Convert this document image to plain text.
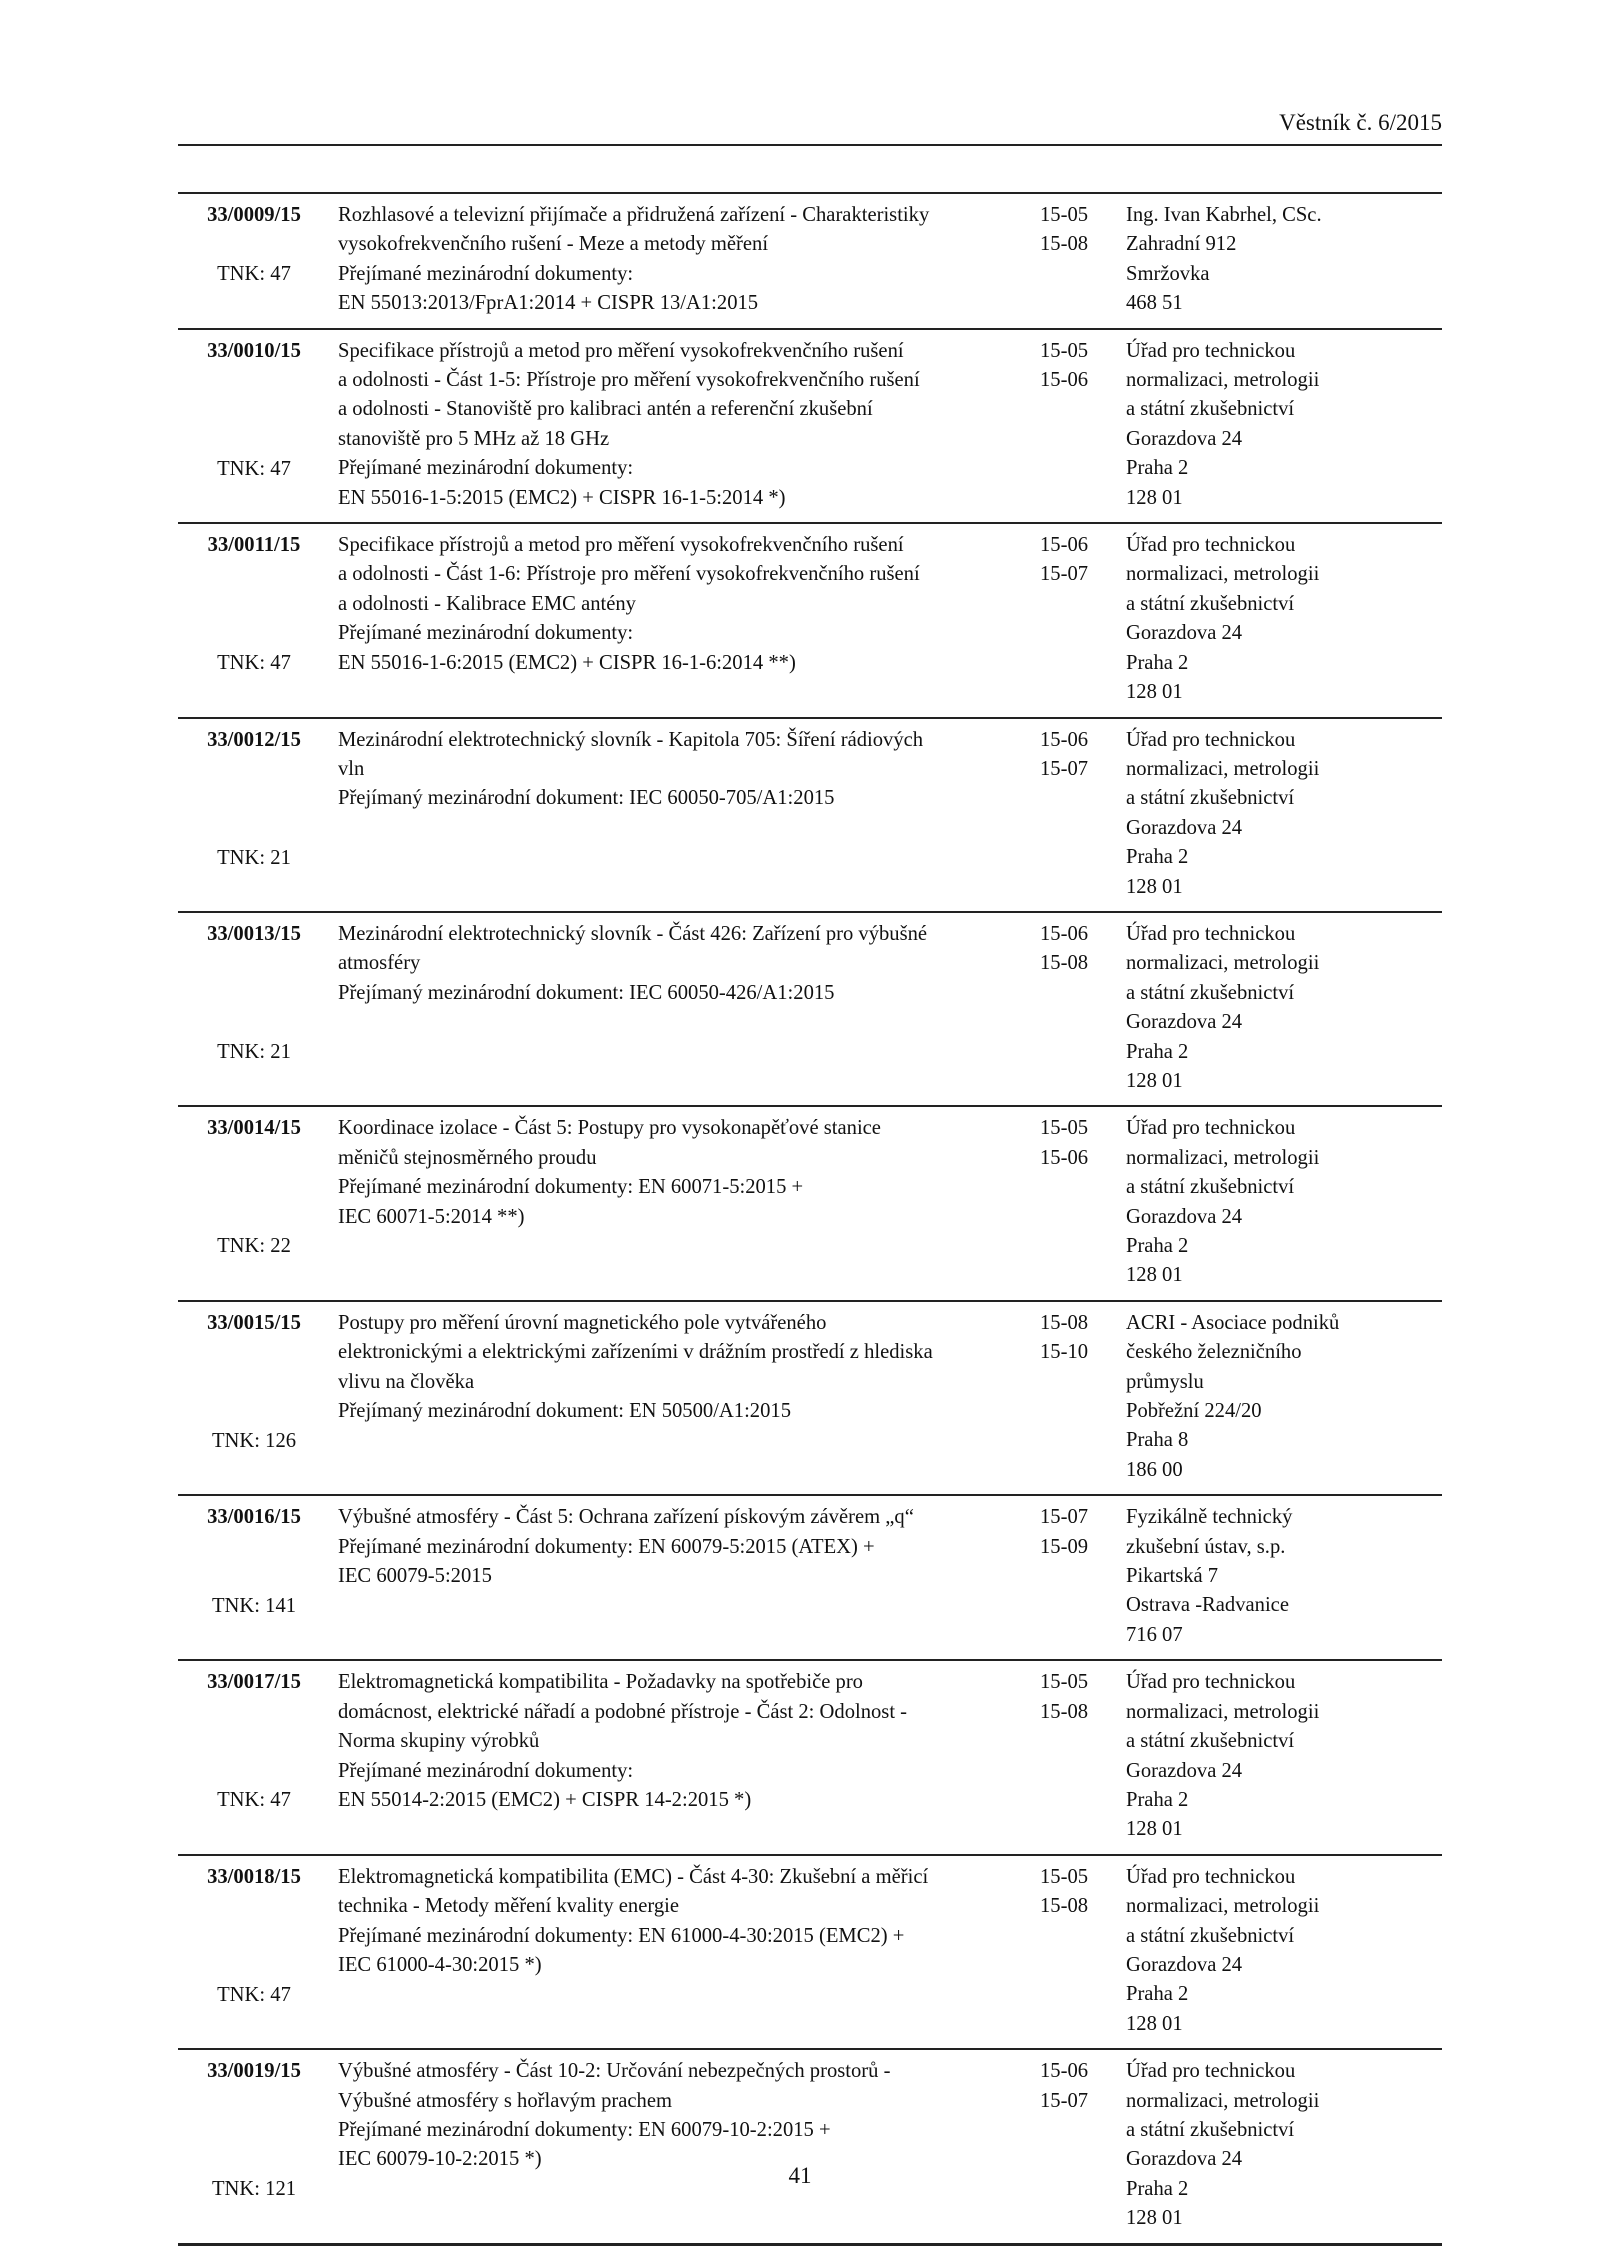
Věstník č. 6/2015
33/0009/15
TNK: 47
Rozhlasové a televizní přijímače a přidružená zařízení - Charakteristiky
vysokofrekvenčního rušení - Meze a metody měření
Přejímané mezinárodní dokumenty:
EN 55013:2013/FprA1:2014 + CISPR 13/A1:2015
15-05
15-08
Ing. Ivan Kabrhel, CSc.
Zahradní 912
Smržovka
468 51
33/0010/15
TNK: 47
Specifikace přístrojů a metod pro měření vysokofrekvenčního rušení
a odolnosti - Část 1-5: Přístroje pro měření vysokofrekvenčního rušení
a odolnosti - Stanoviště pro kalibraci antén a referenční zkušební
stanoviště pro 5 MHz až 18 GHz
Přejímané mezinárodní dokumenty:
EN 55016-1-5:2015 (EMC2) + CISPR 16-1-5:2014 *)
15-05
15-06
Úřad pro technickou
normalizaci, metrologii
a státní zkušebnictví
Gorazdova 24
Praha 2
128 01
33/0011/15
TNK: 47
Specifikace přístrojů a metod pro měření vysokofrekvenčního rušení
a odolnosti - Část 1-6: Přístroje pro měření vysokofrekvenčního rušení
a odolnosti - Kalibrace EMC antény
Přejímané mezinárodní dokumenty:
EN 55016-1-6:2015 (EMC2) + CISPR 16-1-6:2014 **)
15-06
15-07
Úřad pro technickou
normalizaci, metrologii
a státní zkušebnictví
Gorazdova 24
Praha 2
128 01
33/0012/15
TNK: 21
Mezinárodní elektrotechnický slovník - Kapitola 705: Šíření rádiových
vln
Přejímaný mezinárodní dokument: IEC 60050-705/A1:2015
15-06
15-07
Úřad pro technickou
normalizaci, metrologii
a státní zkušebnictví
Gorazdova 24
Praha 2
128 01
33/0013/15
TNK: 21
Mezinárodní elektrotechnický slovník - Část 426: Zařízení pro výbušné
atmosféry
Přejímaný mezinárodní dokument: IEC 60050-426/A1:2015
15-06
15-08
Úřad pro technickou
normalizaci, metrologii
a státní zkušebnictví
Gorazdova 24
Praha 2
128 01
33/0014/15
TNK: 22
Koordinace izolace - Část 5: Postupy pro vysokonapěťové stanice
měničů stejnosměrného proudu
Přejímané mezinárodní dokumenty: EN 60071-5:2015 +
IEC 60071-5:2014 **)
15-05
15-06
Úřad pro technickou
normalizaci, metrologii
a státní zkušebnictví
Gorazdova 24
Praha 2
128 01
33/0015/15
TNK: 126
Postupy pro měření úrovní magnetického pole vytvářeného
elektronickými a elektrickými zařízeními v drážním prostředí z hlediska
vlivu na člověka
Přejímaný mezinárodní dokument: EN 50500/A1:2015
15-08
15-10
ACRI - Asociace podniků
českého železničního
průmyslu
Pobřežní 224/20
Praha 8
186 00
33/0016/15
TNK: 141
Výbušné atmosféry - Část 5: Ochrana zařízení pískovým závěrem „q“
Přejímané mezinárodní dokumenty: EN 60079-5:2015 (ATEX) +
IEC 60079-5:2015
15-07
15-09
Fyzikálně technický
zkušební ústav, s.p.
Pikartská 7
Ostrava -Radvanice
716 07
33/0017/15
TNK: 47
Elektromagnetická kompatibilita - Požadavky na spotřebiče pro
domácnost, elektrické nářadí a podobné přístroje - Část 2: Odolnost -
Norma skupiny výrobků
Přejímané mezinárodní dokumenty:
EN 55014-2:2015 (EMC2) + CISPR 14-2:2015 *)
15-05
15-08
Úřad pro technickou
normalizaci, metrologii
a státní zkušebnictví
Gorazdova 24
Praha 2
128 01
33/0018/15
TNK: 47
Elektromagnetická kompatibilita (EMC) - Část 4-30: Zkušební a měřicí
technika - Metody měření kvality energie
Přejímané mezinárodní dokumenty: EN 61000-4-30:2015 (EMC2) +
IEC 61000-4-30:2015 *)
15-05
15-08
Úřad pro technickou
normalizaci, metrologii
a státní zkušebnictví
Gorazdova 24
Praha 2
128 01
33/0019/15
TNK: 121
Výbušné atmosféry - Část 10-2: Určování nebezpečných prostorů -
Výbušné atmosféry s hořlavým prachem
Přejímané mezinárodní dokumenty: EN 60079-10-2:2015 +
IEC 60079-10-2:2015 *)
15-06
15-07
Úřad pro technickou
normalizaci, metrologii
a státní zkušebnictví
Gorazdova 24
Praha 2
128 01
41
